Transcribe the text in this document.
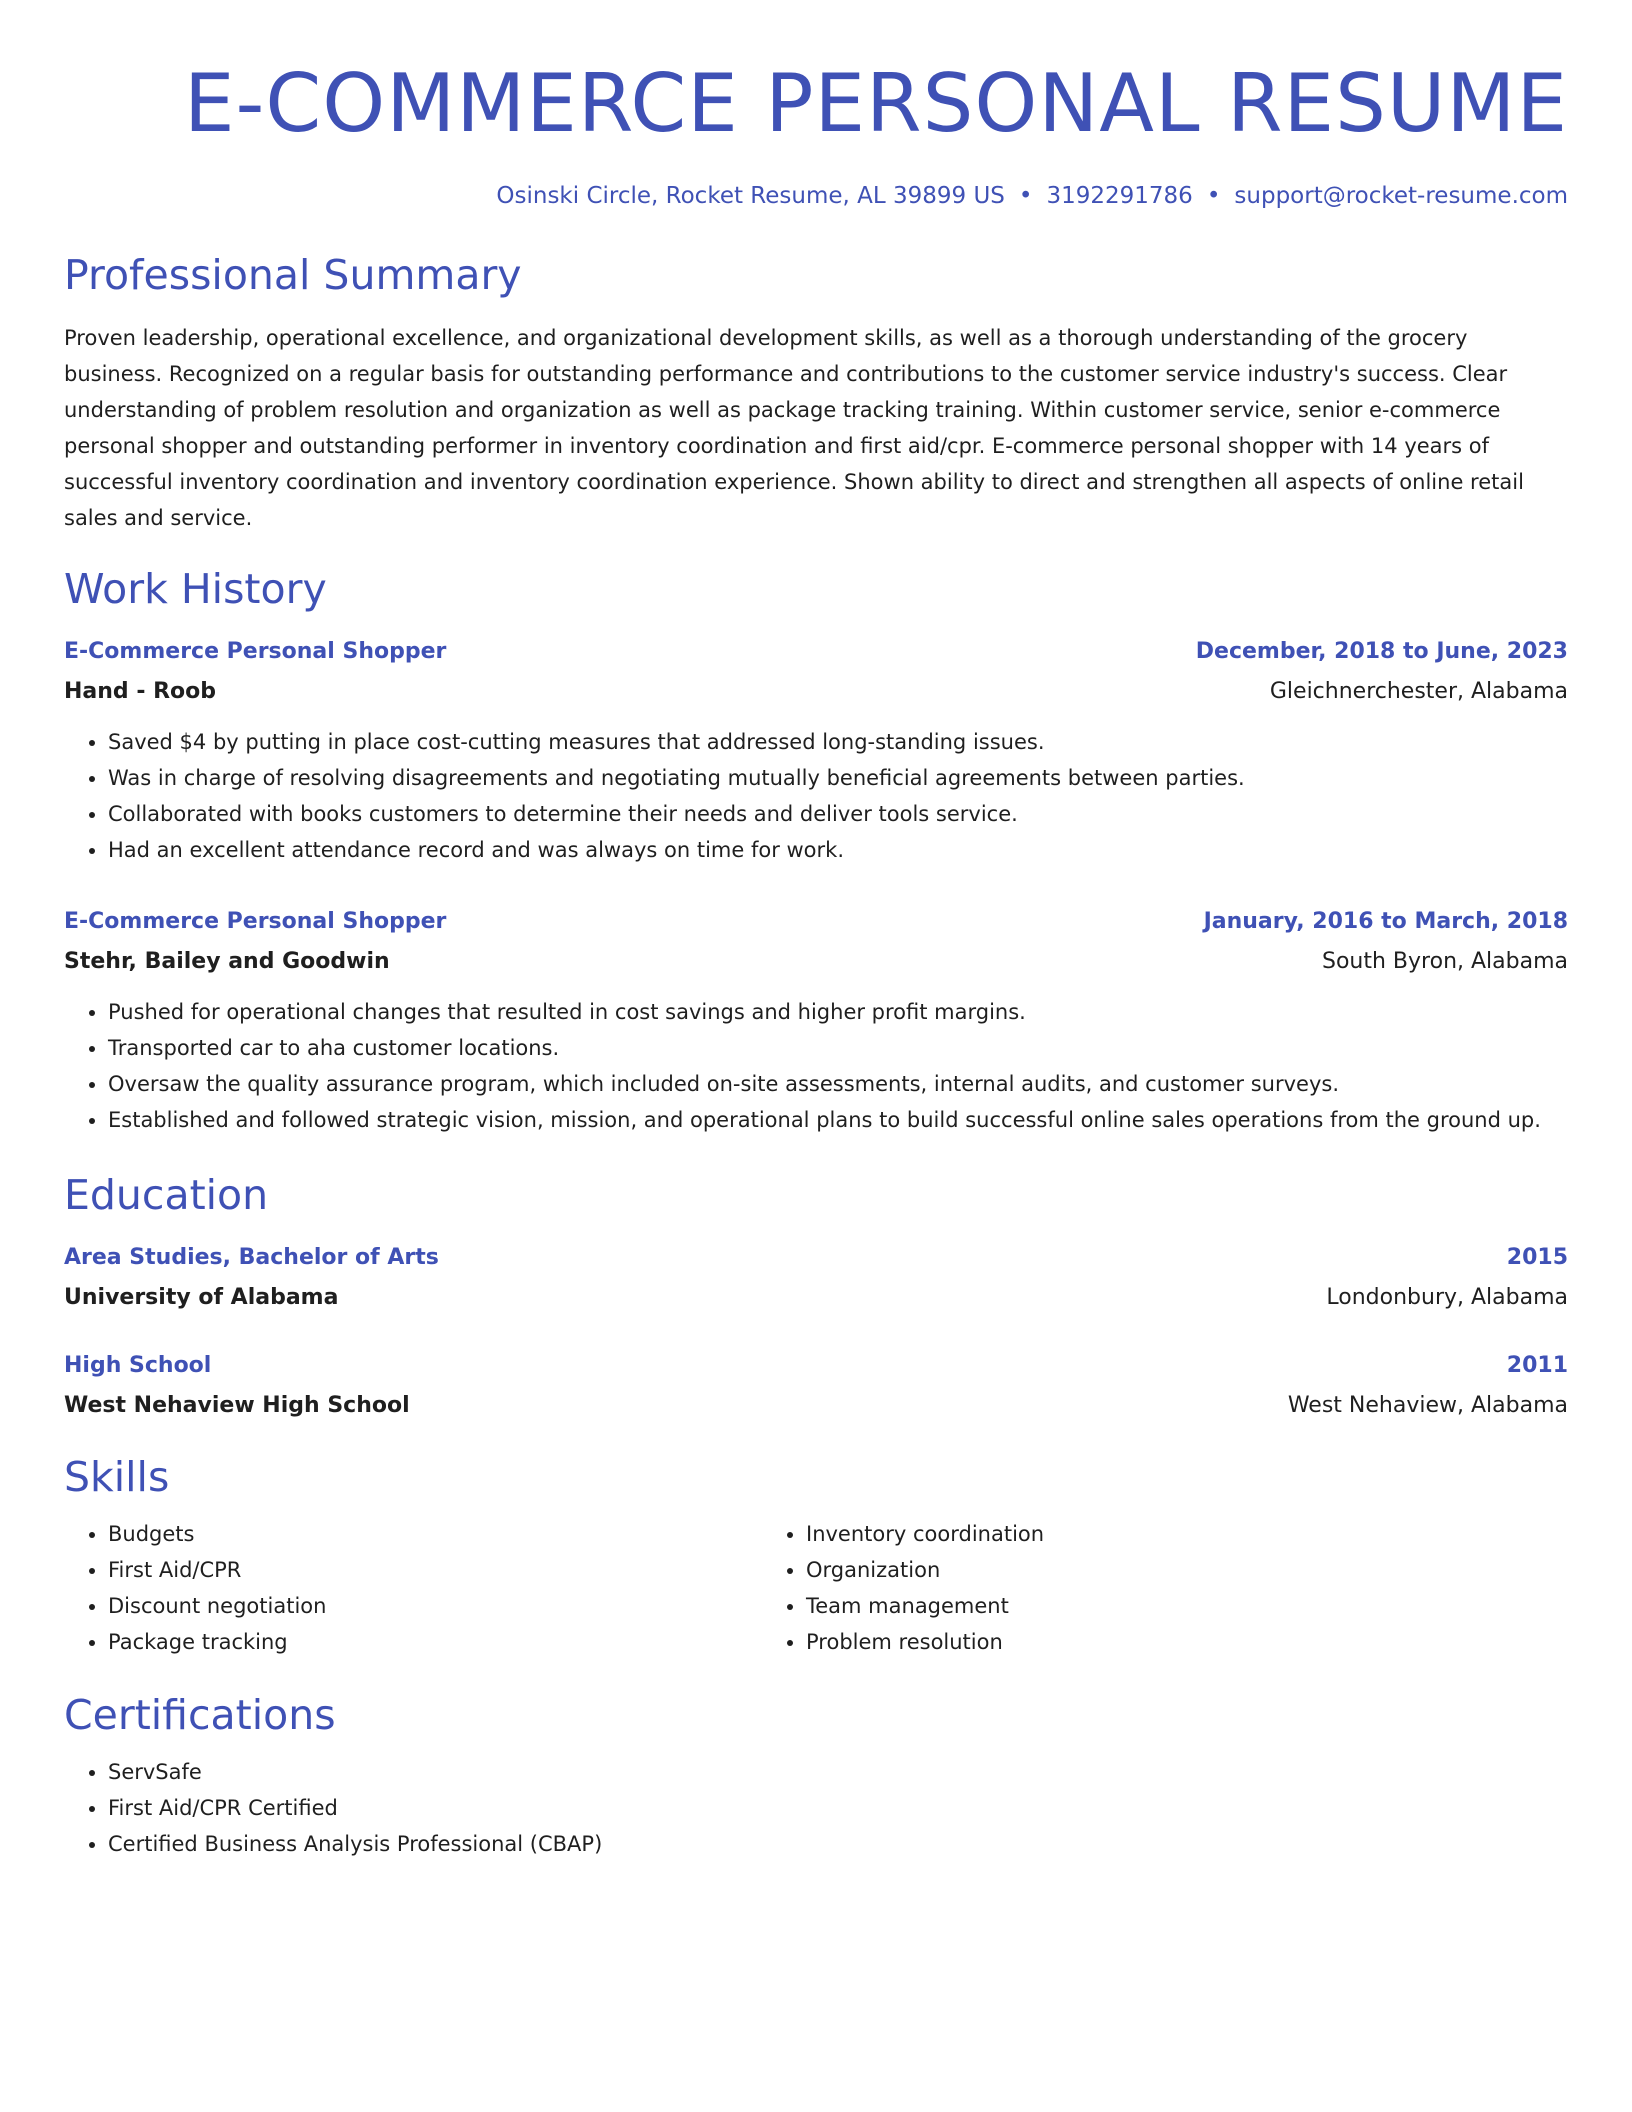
E-COMMERCE PERSONAL RESUME
Osinski Circle, Rocket Resume, AL 39899 US • 3192291786 • support@rocket-resume.com
Professional Summary

Proven leadership, operational excellence, and organizational development skills, as well as a thorough understanding of the grocery business. Recognized on a regular basis for outstanding performance and contributions to the customer service industry's success. Clear understanding of problem resolution and organization as well as package tracking training. Within customer service, senior e-commerce personal shopper and outstanding performer in inventory coordination and first aid/cpr. E-commerce personal shopper with 14 years of successful inventory coordination and inventory coordination experience. Shown ability to direct and strengthen all aspects of online retail sales and service.

Work History
E-Commerce Personal Shopper	December, 2018 to June, 2023
Hand - Roob	Gleichnerchester, Alabama
• Saved $4 by putting in place cost-cutting measures that addressed long-standing issues.
• Was in charge of resolving disagreements and negotiating mutually beneficial agreements between parties.
• Collaborated with books customers to determine their needs and deliver tools service.
• Had an excellent attendance record and was always on time for work.
E-Commerce Personal Shopper	January, 2016 to March, 2018
Stehr, Bailey and Goodwin	South Byron, Alabama
• Pushed for operational changes that resulted in cost savings and higher profit margins.
• Transported car to aha customer locations.
• Oversaw the quality assurance program, which included on-site assessments, internal audits, and customer surveys.
• Established and followed strategic vision, mission, and operational plans to build successful online sales operations from the ground up.
Education
Area Studies, Bachelor of Arts	2015
University of Alabama	Londonbury, Alabama
High School	2011
West Nehaview High School	West Nehaview, Alabama
Skills
• Budgets
• First Aid/CPR
• Discount negotiation
• Package tracking
• Inventory coordination
• Organization
• Team management
• Problem resolution
Certifications
• ServSafe
• First Aid/CPR Certified
• Certified Business Analysis Professional (CBAP)
